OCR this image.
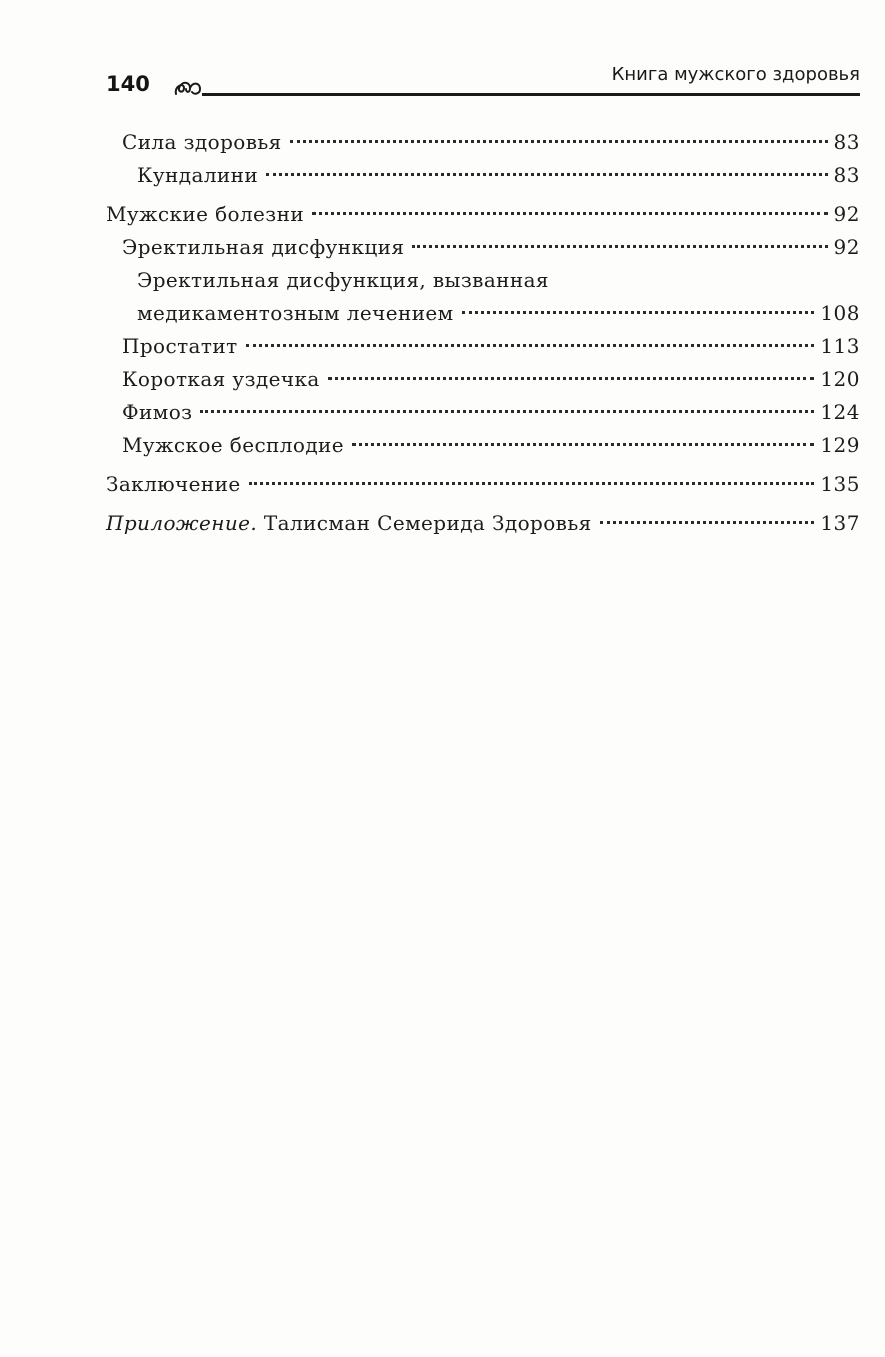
140	Книга мужского здоровья
Сила здоровья	83
Кундалини	83
Мужские болезни	92
Эректильная дисфункция	92
Эректильная дисфункция, вызванная
медикаментозным лечением	108
Простатит	113
Короткая уздечка	120
Фимоз	124
Мужское бесплодие	129
Заключение	135
Приложение. Талисман Семерида Здоровья	137
